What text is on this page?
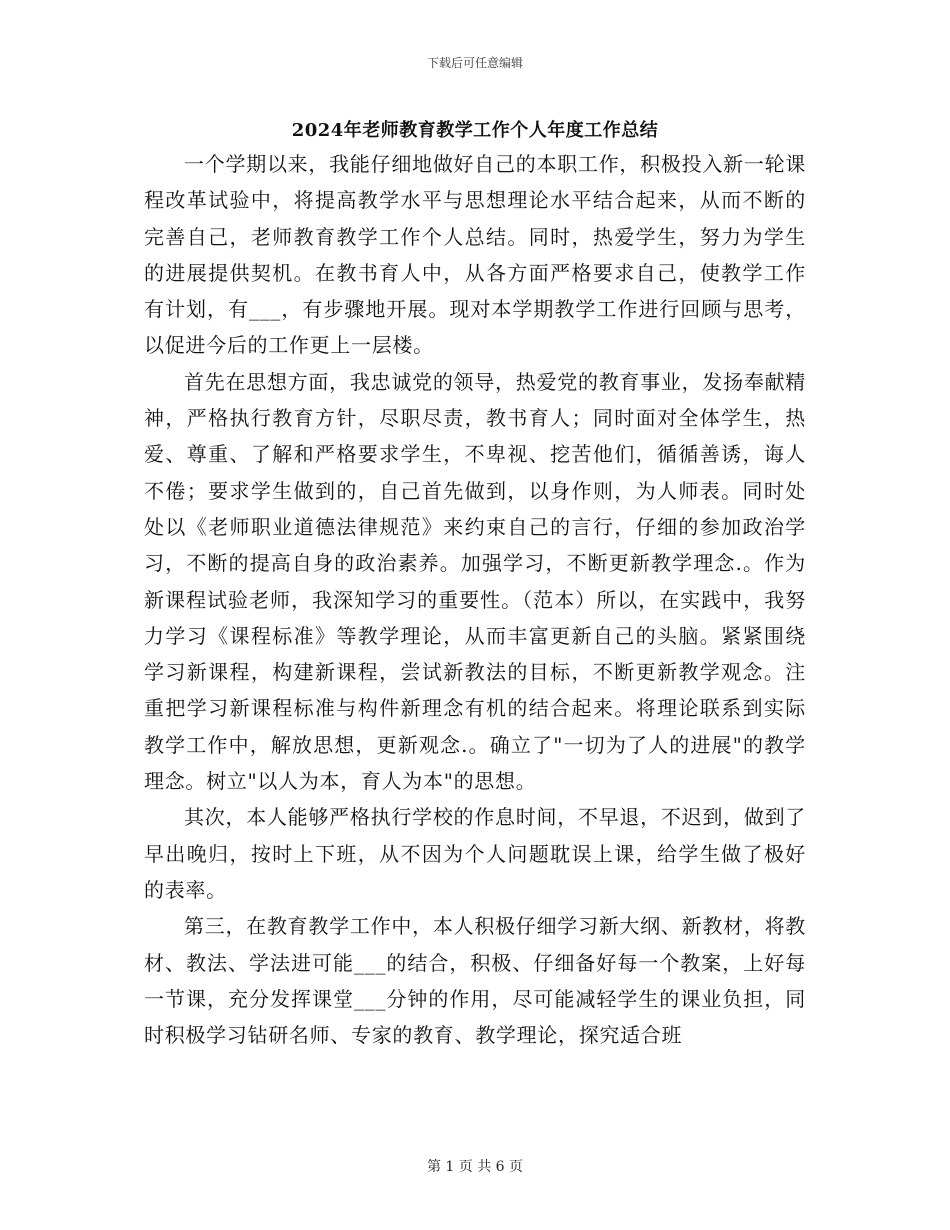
下载后可任意编辑
2024年老师教育教学工作个人年度工作总结

一个学期以来，我能仔细地做好自己的本职工作，积极投入新一轮课程改革试验中，将提高教学水平与思想理论水平结合起来，从而不断的完善自己，老师教育教学工作个人总结。同时，热爱学生，努力为学生的进展提供契机。在教书育人中，从各方面严格要求自己，使教学工作有计划，有___，有步骤地开展。现对本学期教学工作进行回顾与思考，以促进今后的工作更上一层楼。

首先在思想方面，我忠诚党的领导，热爱党的教育事业，发扬奉献精神，严格执行教育方针，尽职尽责，教书育人；同时面对全体学生，热爱、尊重、了解和严格要求学生，不卑视、挖苦他们，循循善诱，诲人不倦；要求学生做到的，自己首先做到，以身作则，为人师表。同时处处以《老师职业道德法律规范》来约束自己的言行，仔细的参加政治学习，不断的提高自身的政治素养。加强学习，不断更新教学理念.。作为新课程试验老师，我深知学习的重要性。（范本）所以，在实践中，我努力学习《课程标准》等教学理论，从而丰富更新自己的头脑。紧紧围绕学习新课程，构建新课程，尝试新教法的目标，不断更新教学观念。注重把学习新课程标准与构件新理念有机的结合起来。将理论联系到实际教学工作中，解放思想，更新观念.。确立了"一切为了人的进展"的教学理念。树立"以人为本，育人为本"的思想。

其次，本人能够严格执行学校的作息时间，不早退，不迟到，做到了早出晚归，按时上下班，从不因为个人问题耽误上课，给学生做了极好的表率。

第三，在教育教学工作中，本人积极仔细学习新大纲、新教材，将教材、教法、学法进可能___的结合，积极、仔细备好每一个教案，上好每一节课，充分发挥课堂___分钟的作用，尽可能减轻学生的课业负担，同时积极学习钻研名师、专家的教育、教学理论，探究适合班

第 1 页 共 6 页
